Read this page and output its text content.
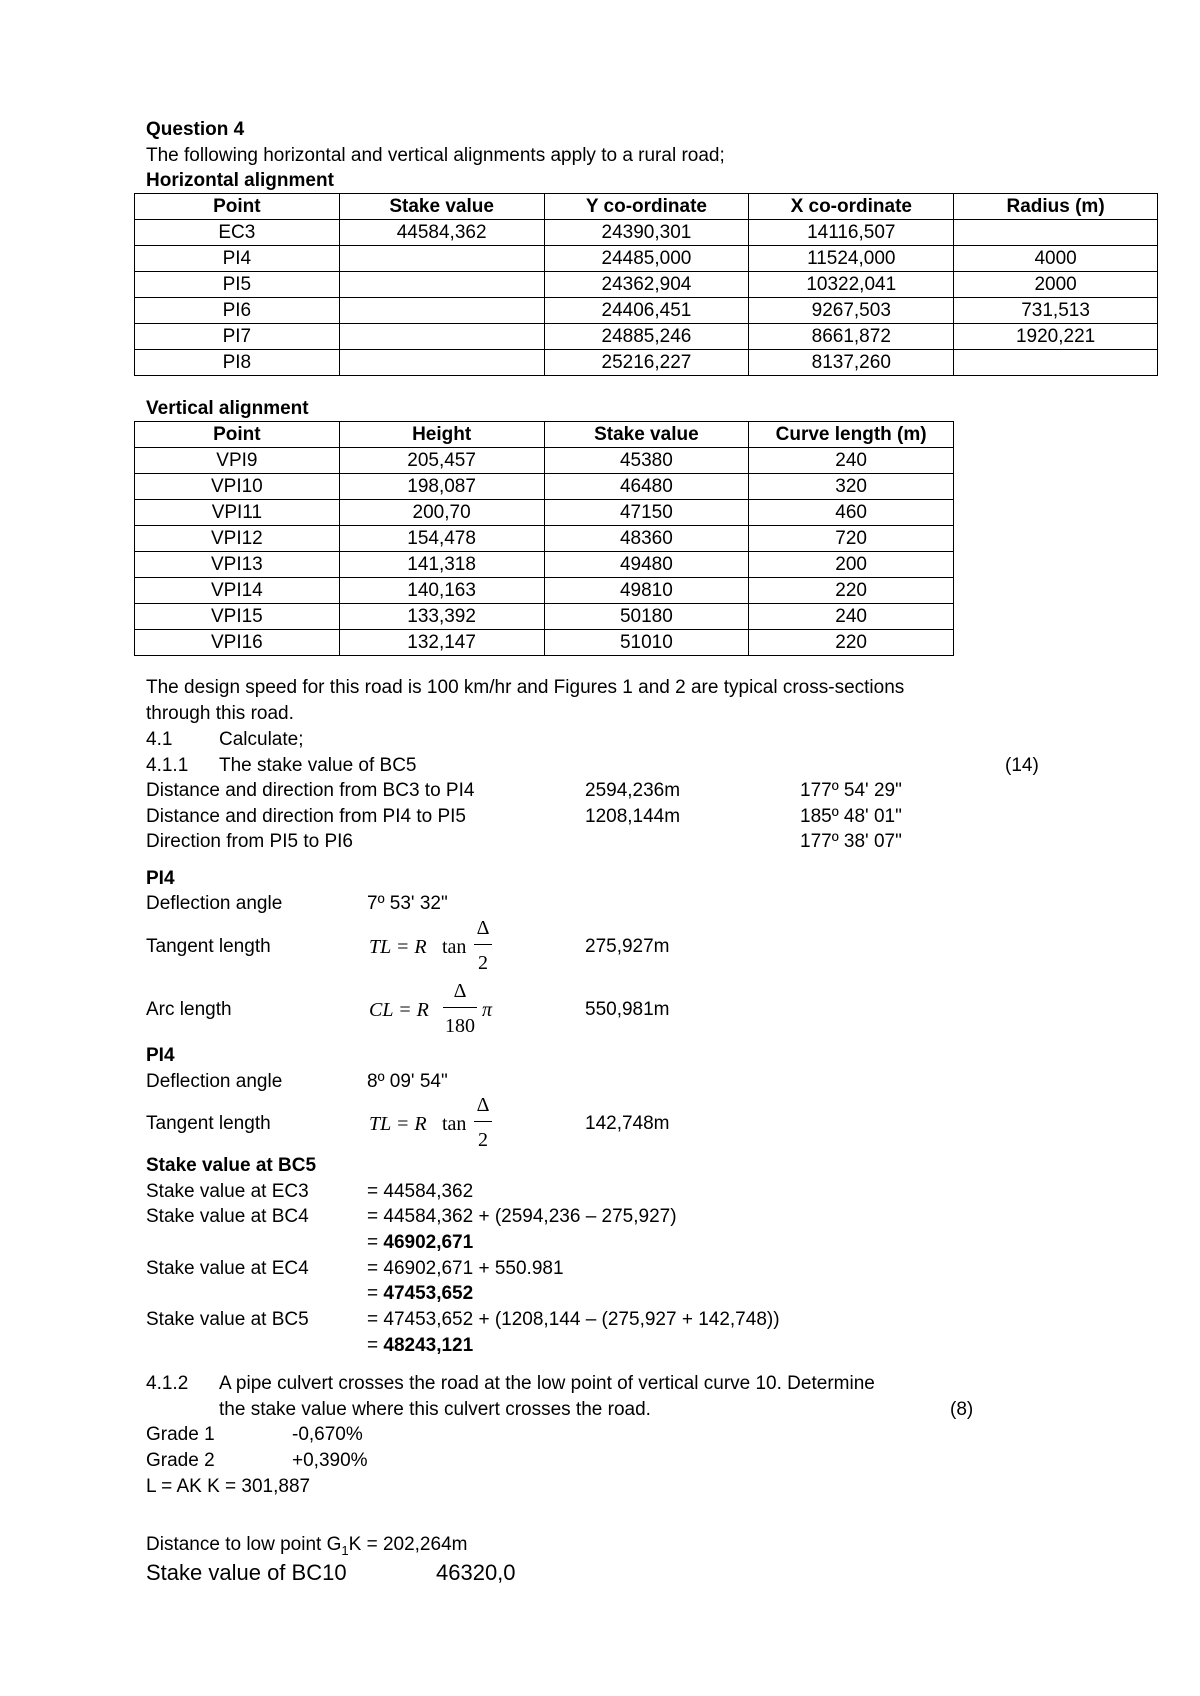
Question 4
The following horizontal and vertical alignments apply to a rural road;
Horizontal alignment
Point	Stake value	Y co-ordinate	X co-ordinate	Radius (m)
EC3	44584,362	24390,301	14116,507	
PI4		24485,000	11524,000	4000
PI5		24362,904	10322,041	2000
PI6		24406,451	9267,503	731,513
PI7		24885,246	8661,872	1920,221
PI8		25216,227	8137,260	
Vertical alignment
Point	Height	Stake value	Curve length (m)
VPI9	205,457	45380	240
VPI10	198,087	46480	320
VPI11	200,70	47150	460
VPI12	154,478	48360	720
VPI13	141,318	49480	200
VPI14	140,163	49810	220
VPI15	133,392	50180	240
VPI16	132,147	51010	220
The design speed for this road is 100 km/hr and Figures 1 and 2 are typical cross-sections
through this road.
4.1 Calculate;
4.1.1 The stake value of BC5	(14)
Distance and direction from BC3 to PI4	2594,236m	177º 54' 29"
Distance and direction from PI4 to PI5	1208,144m	185º 48' 01"
Direction from PI5 to PI6	177º 38' 07"
PI4
Deflection angle	7º 53' 32"
Tangent length	TL = R tan
Δ
2
275,927m
Arc length	CL = R
Δ
180
π	550,981m
PI4
Deflection angle	8º 09' 54"
Tangent length	TL = R tan
Δ
2
142,748m
Stake value at BC5
Stake value at EC3	= 44584,362
Stake value at BC4	= 44584,362 + (2594,236 – 275,927)
= 46902,671
Stake value at EC4	= 46902,671 + 550.981
= 47453,652
Stake value at BC5	= 47453,652 + (1208,144 – (275,927 + 142,748))
= 48243,121
4.1.2 A pipe culvert crosses the road at the low point of vertical curve 10. Determine
the stake value where this culvert crosses the road.	(8)
Grade 1	-0,670%
Grade 2	+0,390%
L = AK K = 301,887
Distance to low point $G_1K = 202,264m$
Stake value of BC10	46320,0
